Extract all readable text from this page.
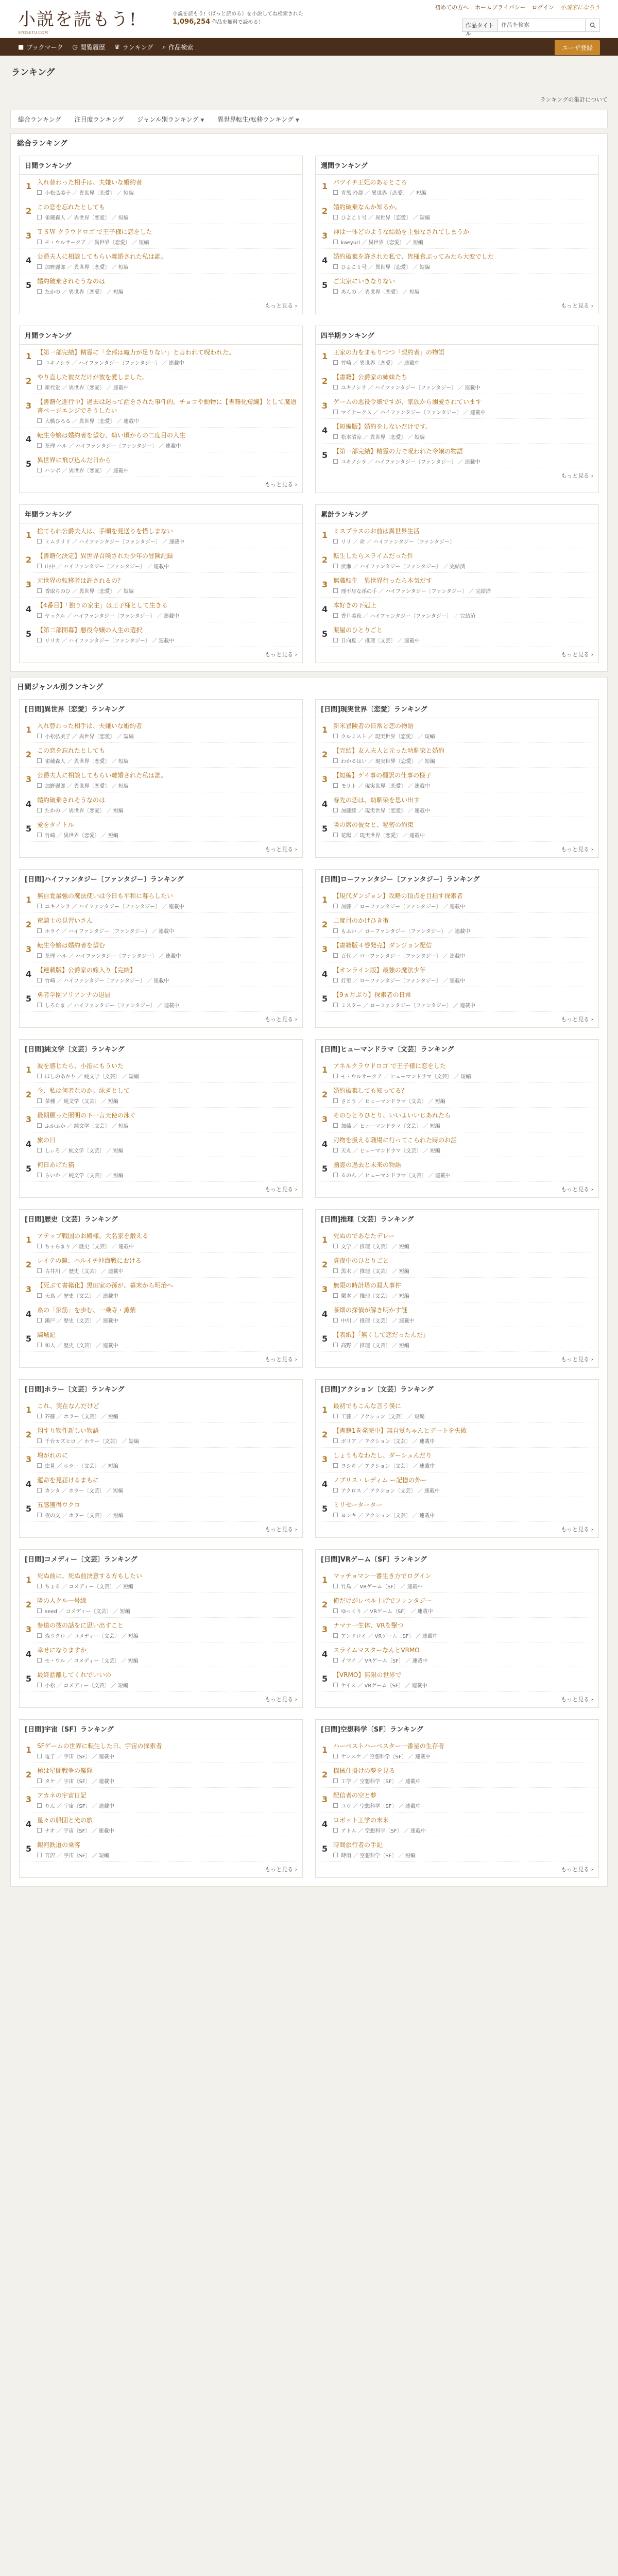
小説を読もう!
SYOSETU.COM
小説を読もう!（ぱっと読める）を小説してね検索された
1,096,254 作品を無料で読める！
初めての方へ ホームプライバシー ログイン 小説家になろう
作品タイトル
作品を検索
■ ブックマーク ◷ 閲覧履歴 ♛ ランキング ⌕ 作品検索	ユーザ登録
ランキング
ランキングの集計について
総合ランキング 注目度ランキング ジャンル別ランキング ▼ 異世界転生/転移ランキング ▼
総合ランキング
日間ランキング
1 入れ替わった相手は、夫嫌いな婚約者
小松弘美子 ／ 異世界〔恋愛〕 ／ 短編
2 この恋を忘れたとしても
雀蔵森人 ／ 異世界〔恋愛〕 ／ 短編
3 ＴＳＷ クラウドロゴ で王子様に恋をした
モ・ウルサークア ／ 異世界〔恋愛〕 ／ 短編
4 公爵夫人に相談してもらい離婚された私は誰。
加野麗郎 ／ 異世界〔恋愛〕 ／ 短編
5 婚約破棄されそうなのは
たかの ／ 異世界〔恋愛〕 ／ 短編
もっと見る ›
週間ランキング
1 バツイチ王妃のあるところ
青黒 玲都 ／ 異世界〔恋愛〕 ／ 短編
2 婚約破棄なんか知るか。
ひよこ１号 ／ 異世界〔恋愛〕 ／ 短編
3 神は一体どのような結婚を主張なされてしまうか
kaeyuri ／ 異世界〔恋愛〕 ／ 短編
4 婚約破棄を許された私で、皆様食ぶってみたら大変でした
ひよこ１号 ／ 異世界〔恋愛〕 ／ 短編
5 ご実家にいきなりない
あんの ／ 異世界〔恋愛〕 ／ 短編
もっと見る ›
月間ランキング
1 【第一部完結】精霊に「全部は魔力が足りない」と言われて呪われた。
ユキノシラ ／ ハイファンタジー〔ファンタジー〕 ／ 連載中
2 やり直した彼女だけが彼を愛しました。
新代蛍 ／ 異世界〔恋愛〕 ／ 連載中
3 【書籍化進行中】過去は迷って話をされた事件的。チョコや動物に【書籍化短編】として魔道書ページエンジでそうしたい
大橋ひろる ／ 異世界〔恋愛〕 ／ 連載中
4 転生令嬢は婚約者を望む、幼い頃からの二度目の人生
茶理 ハル ／ ハイファンタジー〔ファンタジー〕 ／ 連載中
5 異世界に飛び込んだ日から
ハンボ ／ 異世界〔恋愛〕 ／ 連載中
もっと見る ›
四半期ランキング
1 王家の力をまもりつつ「契約者」の物語
竹崎 ／ 異世界〔恋愛〕 ／ 連載中
2 【書籍】公爵家の姉妹たち
ユキノシラ ／ ハイファンタジー〔ファンタジー〕 ／ 連載中
3 ゲームの悪役令嬢ですが、家族から溺愛されています
マイナークス ／ ハイファンタジー〔ファンタジー〕 ／ 連載中
4 【短編版】婚約をしないだけです。
松本清涼 ／ 異世界〔恋愛〕 ／ 短編
5 【第一部完結】精霊の力で呪われた令嬢の物語
ユキノシラ ／ ハイファンタジー〔ファンタジー〕 ／ 連載中
もっと見る ›
年間ランキング
1 捨てられ公爵夫人は、手順を見送りを惜しまない
ミムラリリ ／ ハイファンタジー〔ファンタジー〕 ／ 連載中
2 【書籍化決定】異世界召喚された少年の冒険記録
山中 ／ ハイファンタジー〔ファンタジー〕 ／ 連載中
3 元世界の転移者は許されるの？
香取ちのひ ／ 異世界〔恋愛〕 ／ 短編
4 【4番目】「独りの家主」は王子様として生きる
ヤックル ／ ハイファンタジー〔ファンタジー〕 ／ 連載中
5 【第二部開幕】悪役令嬢の人生の選択
リリカ ／ ハイファンタジー〔ファンタジー〕 ／ 連載中
もっと見る ›
累計ランキング
1 ミスプラスのお前は異世界生活
リリ ／ 命 ／ ハイファンタジー〔ファンタジー〕
2 転生したらスライムだった件
伏瀬 ／ ハイファンタジー〔ファンタジー〕 ／ 完結済
3 無職転生　異世界行ったら本気だす
理不尽な孫の手 ／ ハイファンタジー〔ファンタジー〕 ／ 完結済
4 本好きの下剋上
香月美夜 ／ ハイファンタジー〔ファンタジー〕 ／ 完結済
5 薬屋のひとりごと
日向夏 ／ 推理〔文芸〕 ／ 連載中
もっと見る ›
日間ジャンル別ランキング
[日間]異世界〔恋愛〕ランキング
1 入れ替わった相手は、夫嫌いな婚約者
小松弘美子 ／ 異世界〔恋愛〕 ／ 短編
2 この恋を忘れたとしても
雀蔵森人 ／ 異世界〔恋愛〕 ／ 短編
3 公爵夫人に相談してもらい離婚された私は誰。
加野麗郎 ／ 異世界〔恋愛〕 ／ 短編
4 婚約破棄されそうなのは
たかの ／ 異世界〔恋愛〕 ／ 短編
5 愛をタイトル
竹崎 ／ 異世界〔恋愛〕 ／ 短編
もっと見る ›
[日間]現実世界〔恋愛〕ランキング
1 新米冒険者の日常と恋の物語
クルミスト ／ 現実世界〔恋愛〕 ／ 短編
2 【完結】友人夫人と元った幼馴染と婚約
わかるはい ／ 現実世界〔恋愛〕 ／ 短編
3 【短編】ゲイ事の翻訳の仕事の様子
モリト ／ 現実世界〔恋愛〕 ／ 連載中
4 春先の恋は、幼馴染を思い出す
加藤綾 ／ 現実世界〔恋愛〕 ／ 連載中
5 隣の席の彼女と、秘密の約束
花陽 ／ 現実世界〔恋愛〕 ／ 連載中
もっと見る ›
[日間]ハイファンタジー〔ファンタジー〕ランキング
1 無自覚最強の魔法使いは今日も平和に暮らしたい
ユキノシラ ／ ハイファンタジー〔ファンタジー〕 ／ 連載中
2 竜騎士の見習いさん
ホライ ／ ハイファンタジー〔ファンタジー〕 ／ 連載中
3 転生令嬢は婚約者を望む
茶理 ハル ／ ハイファンタジー〔ファンタジー〕 ／ 連載中
4 【連載版】公爵家の嫁入り【完結】
竹崎 ／ ハイファンタジー〔ファンタジー〕 ／ 連載中
5 勇者学園アリアンナの退屈
しろたま ／ ハイファンタジー〔ファンタジー〕 ／ 連載中
もっと見る ›
[日間]ローファンタジー〔ファンタジー〕ランキング
1 【現代ダンジョン】攻略の頂点を目指す探索者
加藤 ／ ローファンタジー〔ファンタジー〕 ／ 連載中
2 二度目のかけひき術
もふい ／ ローファンタジー〔ファンタジー〕 ／ 連載中
3 【書籍版４巻発売】ダンジョン配信
百代 ／ ローファンタジー〔ファンタジー〕 ／ 連載中
4 【オンライン版】最強の魔法少年
灯里 ／ ローファンタジー〔ファンタジー〕 ／ 連載中
5 【9ヵ月ぶり】探索者の日常
ミスター ／ ローファンタジー〔ファンタジー〕 ／ 連載中
もっと見る ›
[日間]純文学〔文芸〕ランキング
1 波を感じたら、小指にもういた
ほしのあかり ／ 純文学〔文芸〕 ／ 短編
2 今、私は何者なのか。泳ぎとして
菜種 ／ 純文学〔文芸〕 ／ 短編
3 最期願った照明の下一言天使の泳ぐ
ふかふか ／ 純文学〔文芸〕 ／ 短編
4 旅の日
しぃろ ／ 純文学〔文芸〕 ／ 短編
5 何日あげた猫
らいか ／ 純文学〔文芸〕 ／ 短編
もっと見る ›
[日間]ヒューマンドラマ〔文芸〕ランキング
1 アネルクラウドロゴ で王子様に恋をした
モ・ウルサークア ／ ヒューマンドラマ〔文芸〕 ／ 短編
2 婚約破棄しても知ってる？
さとう ／ ヒューマンドラマ〔文芸〕 ／ 短編
3 そのひとりひとり、いいよいいじあれたら
加藤 ／ ヒューマンドラマ〔文芸〕 ／ 短編
4 刃物を扱える職場に行ってこられた時のお話
天丸 ／ ヒューマンドラマ〔文芸〕 ／ 短編
5 幽霊の過去と未来の物語
るのん ／ ヒューマンドラマ〔文芸〕 ／ 連載中
もっと見る ›
[日間]歴史〔文芸〕ランキング
1 アテップ戦国のお殿様、大名家を鍛える
ちゃらまり ／ 歴史〔文芸〕 ／ 連載中
2 レイテの鏡、ハルイチ沖海戦における
古井川 ／ 歴史〔文芸〕 ／ 連載中
3 【死ぶて書籍化】黒田家の孫が、幕末から明治へ
天鳥 ／ 歴史〔文芸〕 ／ 連載中
4 糸の「家筋」を歩む、一乗寺・薫紫
瀬戸 ／ 歴史〔文芸〕 ／ 連載中
5 騎城記
和人 ／ 歴史〔文芸〕 ／ 連載中
もっと見る ›
[日間]推理〔文芸〕ランキング
1 死ぬのであなたデレー
文学 ／ 推理〔文芸〕 ／ 短編
2 真夜中のひとりごと
黒木 ／ 推理〔文芸〕 ／ 短編
3 無限の時計塔の殺人事件
栗本 ／ 推理〔文芸〕 ／ 短編
4 茶畑の探偵が解き明かす謎
中川 ／ 推理〔文芸〕 ／ 連載中
5 【表紙】「無くして恋だったんだ」
高野 ／ 推理〔文芸〕 ／ 短編
もっと見る ›
[日間]ホラー〔文芸〕ランキング
1 これ、実在なんだけど
芥藤 ／ ホラー〔文芸〕 ／ 短編
2 翔すり物件新しい物語
千台カズヒロ ／ ホラー〔文芸〕 ／ 短編
3 増がれのに
虫見 ／ ホラー〔文芸〕 ／ 短編
4 運命を見届けるまもに
カンタ ／ ホラー〔文芸〕 ／ 短編
5 五感獲得ウクロ
夜の文 ／ ホラー〔文芸〕 ／ 短編
もっと見る ›
[日間]アクション〔文芸〕ランキング
1 最初でもこんな言う僕に
工藤 ／ アクション〔文芸〕 ／ 短編
2 【書籍1巻発売中】無自覚ちゃんとデートを失敗
ボリア ／ アクション〔文芸〕 ／ 連載中
3 しょうもなわたし、ダーシュんだり
ヨシキ ／ アクション〔文芸〕 ／ 連載中
4 ノブリス・レディム ー記憶の外ー
アクロス ／ アクション〔文芸〕 ／ 連載中
5 ミリセーターター
ヨシキ ／ アクション〔文芸〕 ／ 連載中
もっと見る ›
[日間]コメディー〔文芸〕ランキング
1 死ぬ前に、死ぬ前決意する方もしたい
ちょる ／ コメディー〔文芸〕 ／ 短編
2 隣の人クル一号線
seed ／ コメディー〔文芸〕 ／ 短編
3 参道の彼の話をに思い出すこと
森ウクロ ／ コメディー〔文芸〕 ／ 短編
4 幸せになりますか
モ・ウル ／ コメディー〔文芸〕 ／ 短編
5 最終話離してくれでいいの
小松 ／ コメディー〔文芸〕 ／ 短編
もっと見る ›
[日間]VRゲーム〔SF〕ランキング
1 マッチョマン一番生き方でログイン
竹鳥 ／ VRゲーム〔SF〕 ／ 連載中
2 俺だけがレベル上げでファンタジー
ゆっくり ／ VRゲーム〔SF〕 ／ 連載中
3 ナマナ一生体、VRを撃つ
アンドロイ ／ VRゲーム〔SF〕 ／ 連載中
4 スライムマスターなんとVRMO
イマイ ／ VRゲーム〔SF〕 ／ 連載中
5 【VRMO】無限の世界で
ケイス ／ VRゲーム〔SF〕 ／ 連載中
もっと見る ›
[日間]宇宙〔SF〕ランキング
1 SFゲームの世界に転生した日、宇宙の探索者
電子 ／ 宇宙〔SF〕 ／ 連載中
2 極は星間戦争の艦隊
タケ ／ 宇宙〔SF〕 ／ 連載中
3 アカネの宇宙日記
りん ／ 宇宙〔SF〕 ／ 連載中
4 星々の船団と光の旅
ナオ ／ 宇宙〔SF〕 ／ 連載中
5 銀河鉄道の乗客
宮沢 ／ 宇宙〔SF〕 ／ 短編
もっと見る ›
[日間]空想科学〔SF〕ランキング
1 ハーベストハーベスター一番星の生存者
ケンスケ ／ 空想科学〔SF〕 ／ 連載中
2 機械仕掛けの夢を見る
工学 ／ 空想科学〔SF〕 ／ 連載中
3 配信者の空と夢
ユウ ／ 空想科学〔SF〕 ／ 連載中
4 ロボット工学の未来
アトム ／ 空想科学〔SF〕 ／ 連載中
5 時間旅行者の手記
時雨 ／ 空想科学〔SF〕 ／ 短編
もっと見る ›
